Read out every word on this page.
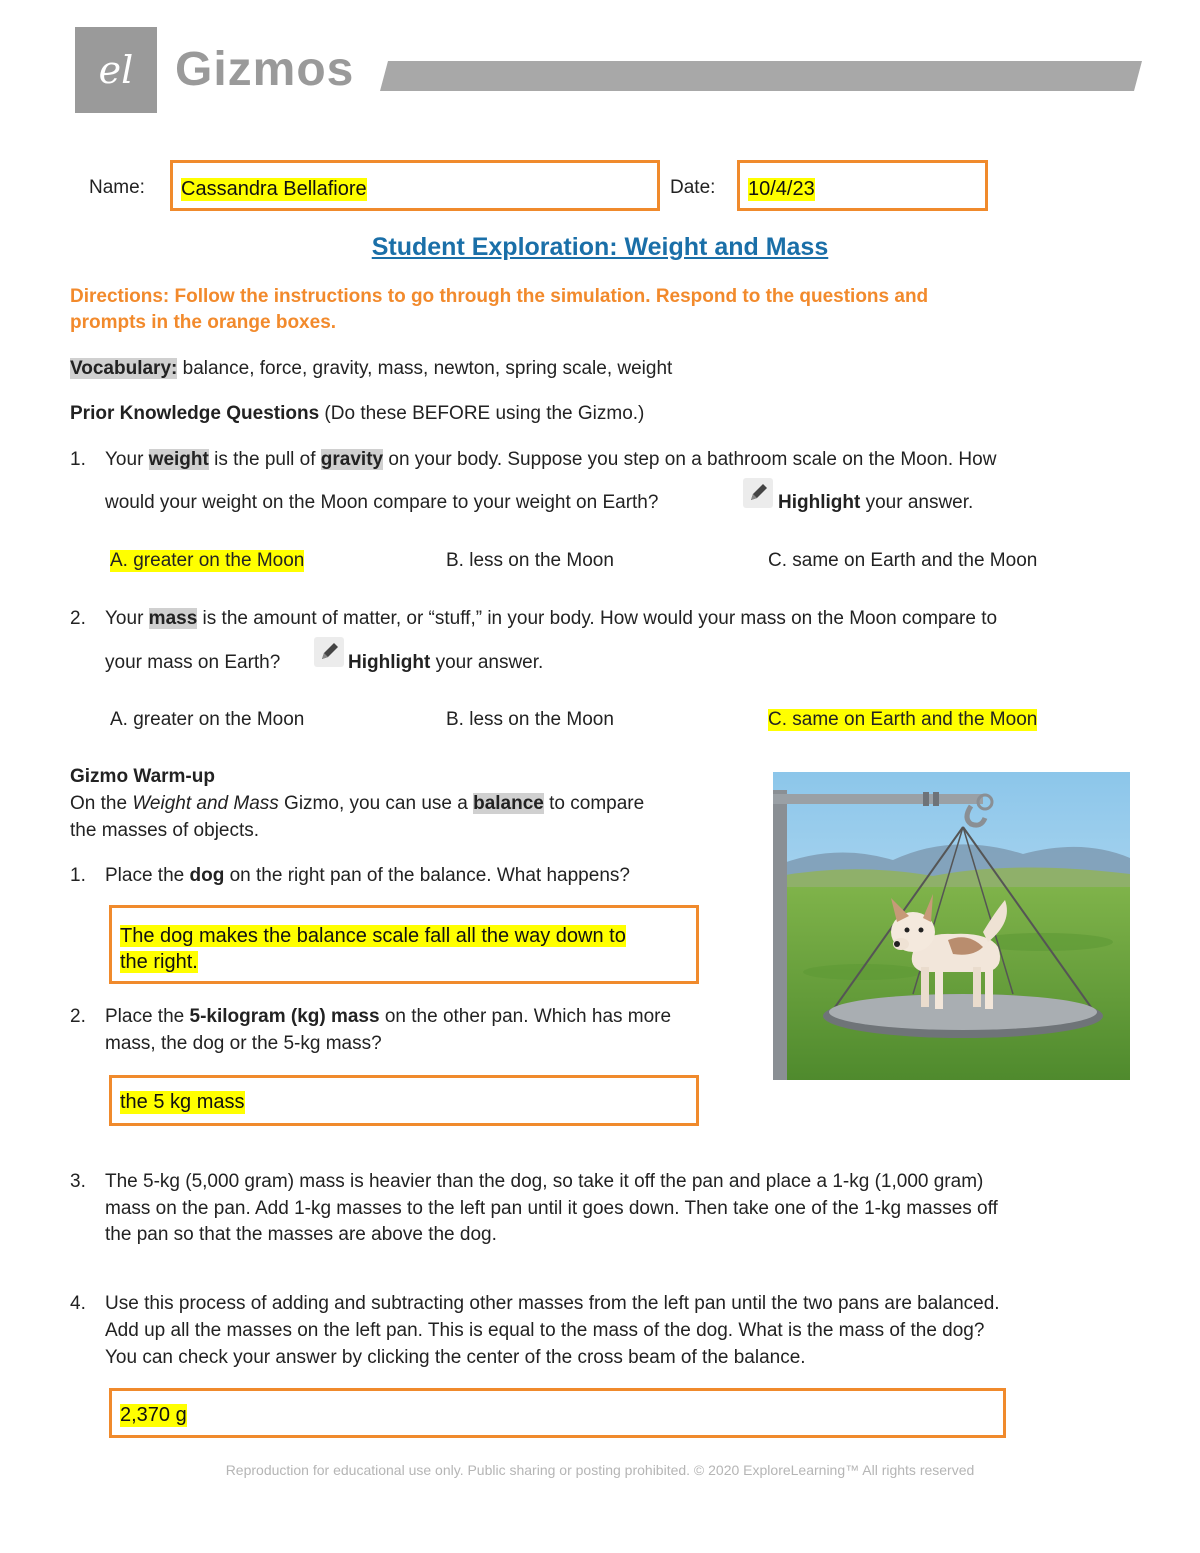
el Gizmos
Name: Cassandra Bellafiore	Date: 10/4/23
Student Exploration: Weight and Mass
Directions: Follow the instructions to go through the simulation. Respond to the questions and
prompts in the orange boxes.
Vocabulary: balance, force, gravity, mass, newton, spring scale, weight
Prior Knowledge Questions (Do these BEFORE using the Gizmo.)
1. Your weight is the pull of gravity on your body. Suppose you step on a bathroom scale on the Moon. How
would your weight on the Moon compare to your weight on Earth?	Highlight your answer.
A. greater on the Moon	B. less on the Moon	C. same on Earth and the Moon
2. Your mass is the amount of matter, or “stuff,” in your body. How would your mass on the Moon compare to
your mass on Earth?	Highlight your answer.
A. greater on the Moon	B. less on the Moon	C. same on Earth and the Moon
Gizmo Warm-up
On the Weight and Mass Gizmo, you can use a balance to compare
the masses of objects.
1. Place the dog on the right pan of the balance. What happens?
The dog makes the balance scale fall all the way down to
the right.
2. Place the 5-kilogram (kg) mass on the other pan. Which has more
mass, the dog or the 5-kg mass?
the 5 kg mass
3. The 5-kg (5,000 gram) mass is heavier than the dog, so take it off the pan and place a 1-kg (1,000 gram)
mass on the pan. Add 1-kg masses to the left pan until it goes down. Then take one of the 1-kg masses off
the pan so that the masses are above the dog.
4. Use this process of adding and subtracting other masses from the left pan until the two pans are balanced.
Add up all the masses on the left pan. This is equal to the mass of the dog. What is the mass of the dog?
You can check your answer by clicking the center of the cross beam of the balance.
2,370 g
Reproduction for educational use only. Public sharing or posting prohibited. © 2020 ExploreLearning™ All rights reserved
